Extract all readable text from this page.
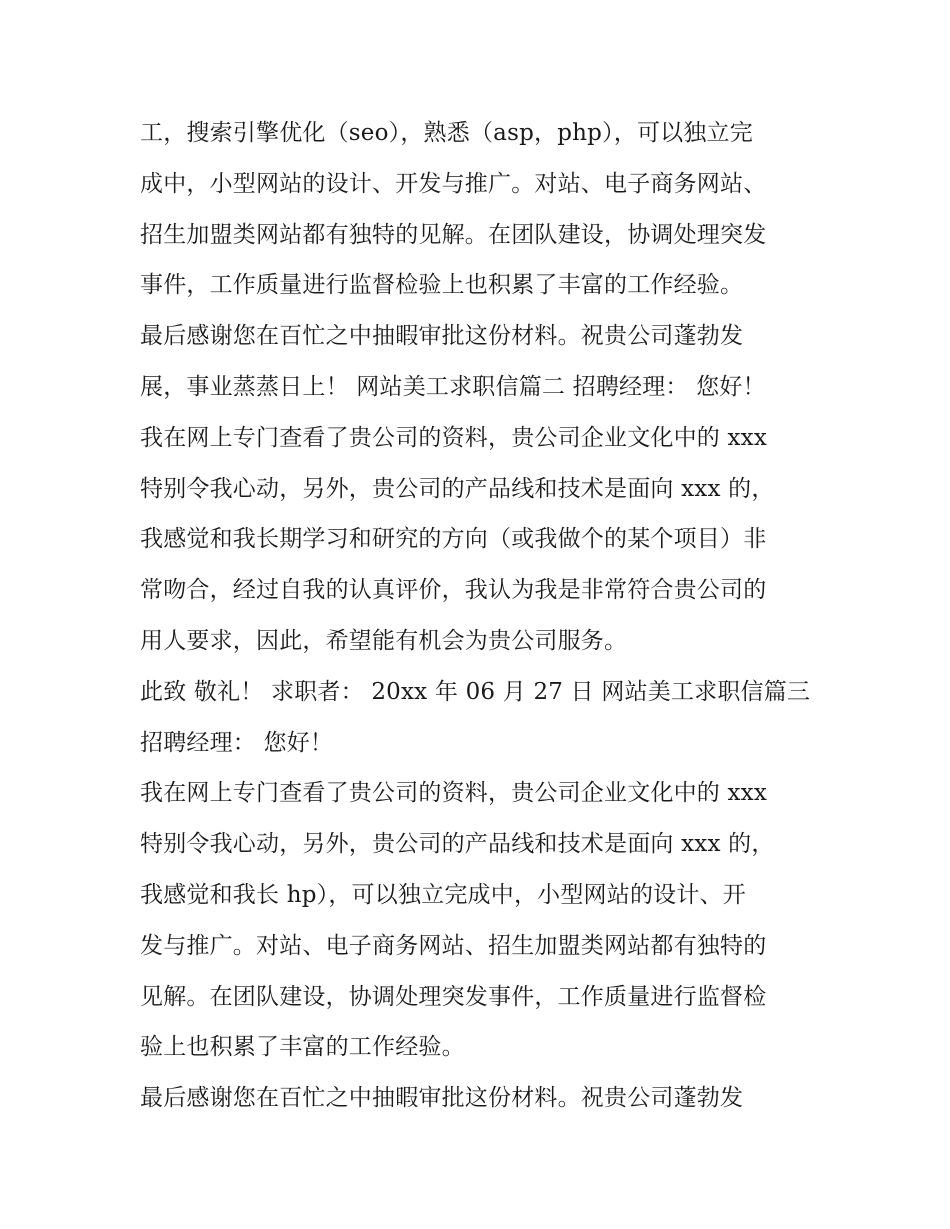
工，搜索引擎优化（seo），熟悉（asp，php），可以独立完
成中，小型网站的设计、开发与推广。对站、电子商务网站、
招生加盟类网站都有独特的见解。在团队建设，协调处理突发
事件，工作质量进行监督检验上也积累了丰富的工作经验。
最后感谢您在百忙之中抽暇审批这份材料。祝贵公司蓬勃发
展，事业蒸蒸日上！ 网站美工求职信篇二 招聘经理： 您好！
我在网上专门查看了贵公司的资料，贵公司企业文化中的 xxx
特别令我心动，另外，贵公司的产品线和技术是面向 xxx 的，
我感觉和我长期学习和研究的方向（或我做个的某个项目）非
常吻合，经过自我的认真评价，我认为我是非常符合贵公司的
用人要求，因此，希望能有机会为贵公司服务。
此致 敬礼！ 求职者： 20xx 年 06 月 27 日 网站美工求职信篇三
招聘经理： 您好！
我在网上专门查看了贵公司的资料，贵公司企业文化中的 xxx
特别令我心动，另外，贵公司的产品线和技术是面向 xxx 的，
我感觉和我长 hp），可以独立完成中，小型网站的设计、开
发与推广。对站、电子商务网站、招生加盟类网站都有独特的
见解。在团队建设，协调处理突发事件，工作质量进行监督检
验上也积累了丰富的工作经验。
最后感谢您在百忙之中抽暇审批这份材料。祝贵公司蓬勃发
